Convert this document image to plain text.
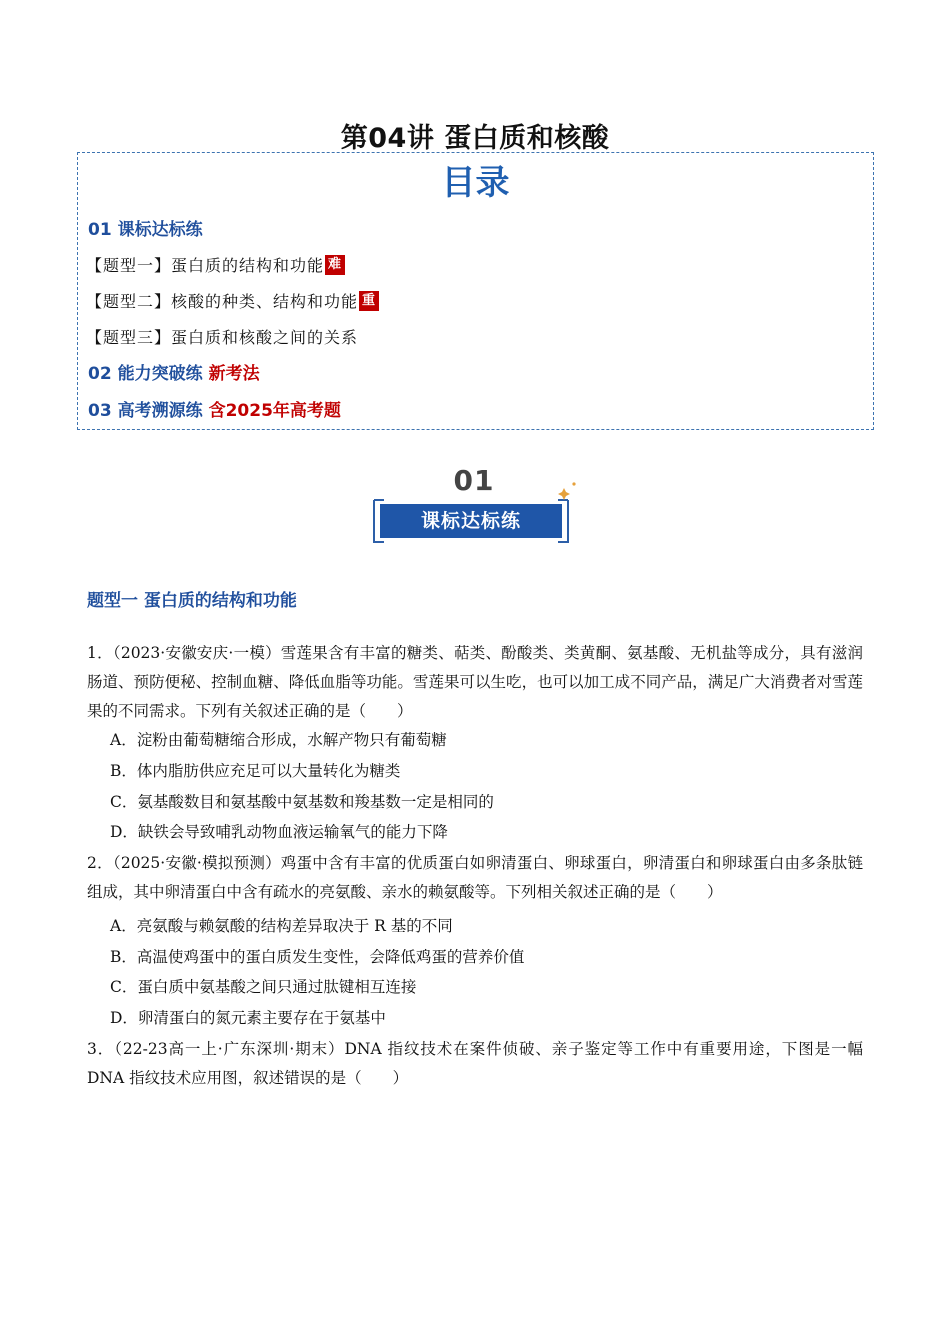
第04讲 蛋白质和核酸
目录
01 课标达标练
【题型一】蛋白质的结构和功能 难
【题型二】核酸的种类、结构和功能 重
【题型三】蛋白质和核酸之间的关系
02 能力突破练 新考法
03 高考溯源练 含2025年高考题
01
课标达标练
题型一 蛋白质的结构和功能
1．（2023·安徽安庆·一模）雪莲果含有丰富的糖类、萜类、酚酸类、类黄酮、氨基酸、无机盐等成分，具有滋润肠道、预防便秘、控制血糖、降低血脂等功能。雪莲果可以生吃，也可以加工成不同产品，满足广大消费者对雪莲果的不同需求。下列有关叙述正确的是（　　）
A．淀粉由葡萄糖缩合形成，水解产物只有葡萄糖
B．体内脂肪供应充足可以大量转化为糖类
C．氨基酸数目和氨基酸中氨基数和羧基数一定是相同的
D．缺铁会导致哺乳动物血液运输氧气的能力下降
2．（2025·安徽·模拟预测）鸡蛋中含有丰富的优质蛋白如卵清蛋白、卵球蛋白，卵清蛋白和卵球蛋白由多条肽链组成，其中卵清蛋白中含有疏水的亮氨酸、亲水的赖氨酸等。下列相关叙述正确的是（　　）
A．亮氨酸与赖氨酸的结构差异取决于 R 基的不同
B．高温使鸡蛋中的蛋白质发生变性，会降低鸡蛋的营养价值
C．蛋白质中氨基酸之间只通过肽键相互连接
D．卵清蛋白的氮元素主要存在于氨基中
3．（22-23高一上·广东深圳·期末）DNA 指纹技术在案件侦破、亲子鉴定等工作中有重要用途，下图是一幅 DNA 指纹技术应用图，叙述错误的是（　　）
